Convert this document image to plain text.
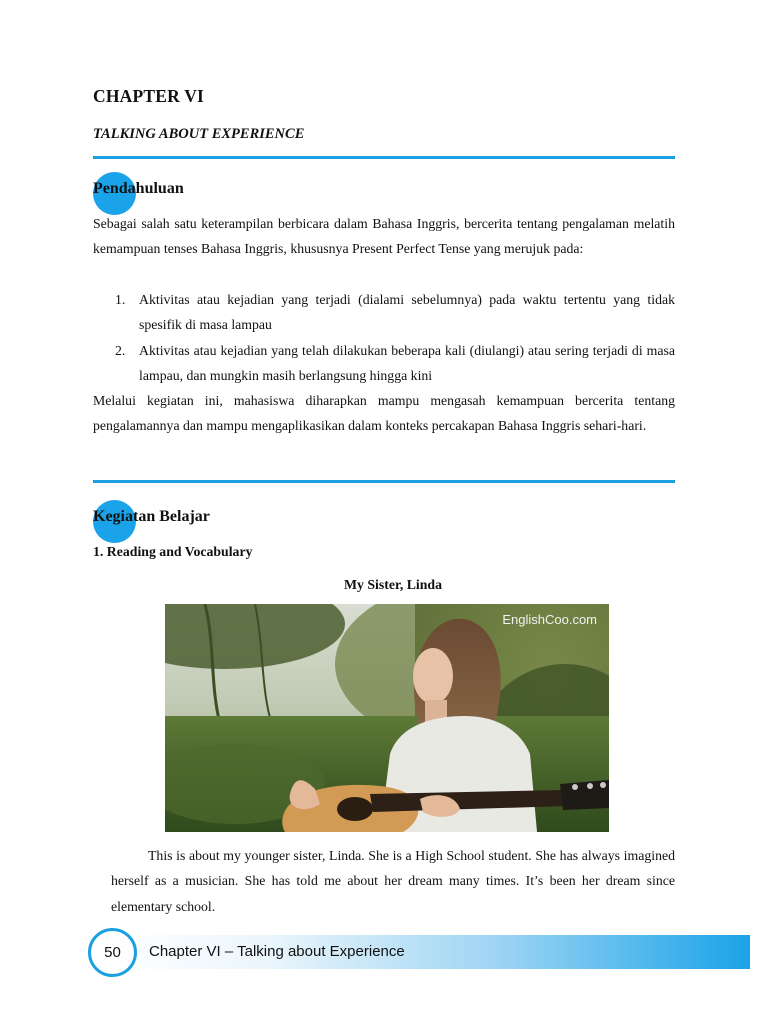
CHAPTER VI
TALKING ABOUT EXPERIENCE
Pendahuluan
Sebagai salah satu keterampilan berbicara dalam Bahasa Inggris, bercerita tentang pengalaman melatih kemampuan tenses Bahasa Inggris, khususnya Present Perfect Tense yang merujuk pada:
1. Aktivitas atau kejadian yang terjadi (dialami sebelumnya) pada waktu tertentu yang tidak spesifik di masa lampau
2. Aktivitas atau kejadian yang telah dilakukan beberapa kali (diulangi) atau sering terjadi di masa lampau, dan mungkin masih berlangsung hingga kini
Melalui kegiatan ini, mahasiswa diharapkan mampu mengasah kemampuan bercerita tentang pengalamannya dan mampu mengaplikasikan dalam konteks percakapan Bahasa Inggris sehari-hari.
Kegiatan Belajar
1. Reading and Vocabulary
My Sister, Linda
EnglishCoo.com

This is about my younger sister, Linda. She is a High School student. She has always imagined herself as a musician. She has told me about her dream many times. It’s been her dream since elementary school.

50 Chapter VI – Talking about Experience
